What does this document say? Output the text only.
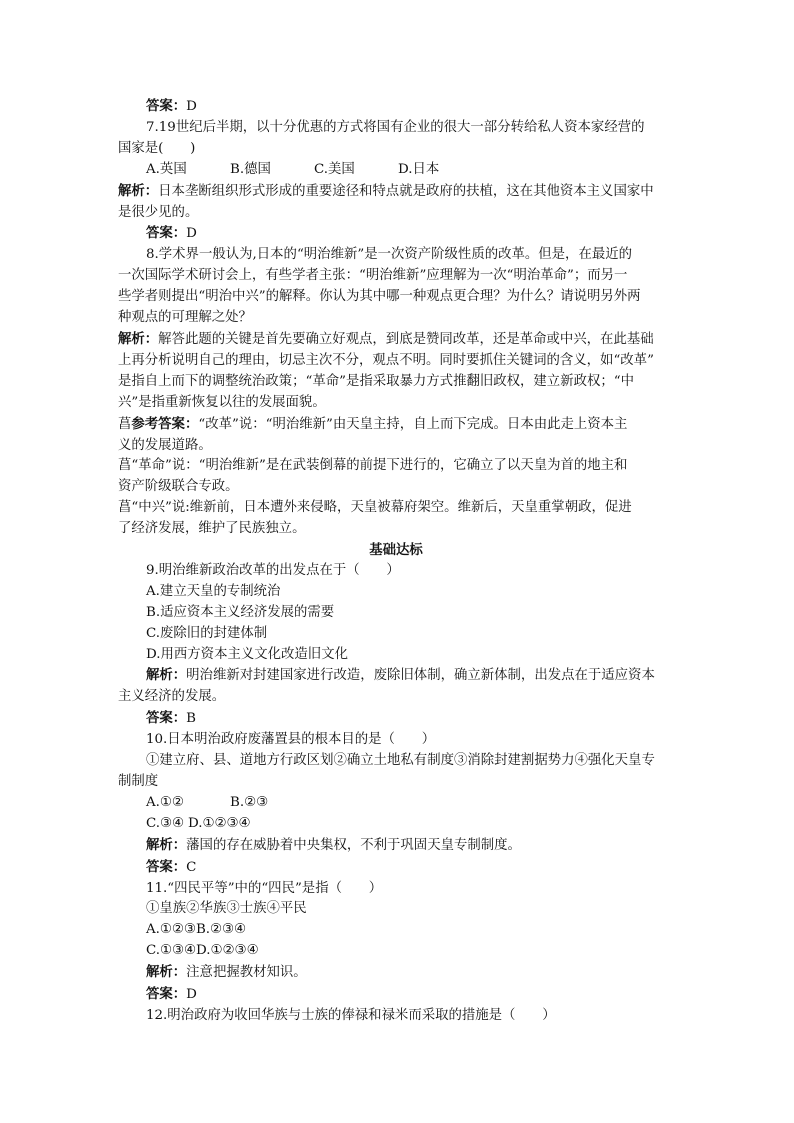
答案：D
7.19世纪后半期，以十分优惠的方式将国有企业的很大一部分转给私人资本家经营的
国家是(　　)
A.英国	B.德国	C.美国	D.日本
解析：日本垄断组织形式形成的重要途径和特点就是政府的扶植，这在其他资本主义国家中
是很少见的。
答案：D
8.学术界一般认为,日本的“明治维新”是一次资产阶级性质的改革。但是，在最近的
一次国际学术研讨会上，有些学者主张：“明治维新”应理解为一次“明治革命”；而另一
些学者则提出“明治中兴”的解释。你认为其中哪一种观点更合理？为什么？请说明另外两
种观点的可理解之处？
解析：解答此题的关键是首先要确立好观点，到底是赞同改革，还是革命或中兴，在此基础
上再分析说明自己的理由，切忌主次不分，观点不明。同时要抓住关键词的含义，如“改革”
是指自上而下的调整统治政策；“革命”是指采取暴力方式推翻旧政权，建立新政权；“中
兴”是指重新恢复以往的发展面貌。
菖参考答案：“改革”说：“明治维新”由天皇主持，自上而下完成。日本由此走上资本主
义的发展道路。
菖“革命”说：“明治维新”是在武装倒幕的前提下进行的，它确立了以天皇为首的地主和
资产阶级联合专政。
菖“中兴”说:维新前，日本遭外来侵略，天皇被幕府架空。维新后，天皇重掌朝政，促进
了经济发展，维护了民族独立。
基础达标
9.明治维新政治改革的出发点在于（　　）
A.建立天皇的专制统治
B.适应资本主义经济发展的需要
C.废除旧的封建体制
D.用西方资本主义文化改造旧文化
解析：明治维新对封建国家进行改造，废除旧体制，确立新体制，出发点在于适应资本
主义经济的发展。
答案：B
10.日本明治政府废藩置县的根本目的是（　　）
①建立府、县、道地方行政区划②确立土地私有制度③消除封建割据势力④强化天皇专
制制度
A.①②	B.②③
C.③④ D.①②③④
解析：藩国的存在威胁着中央集权，不利于巩固天皇专制制度。
答案：C
11.“四民平等”中的“四民”是指（　　）
①皇族②华族③士族④平民
A.①②③B.②③④
C.①③④D.①②③④
解析：注意把握教材知识。
答案：D
12.明治政府为收回华族与士族的俸禄和禄米而采取的措施是（　　）
